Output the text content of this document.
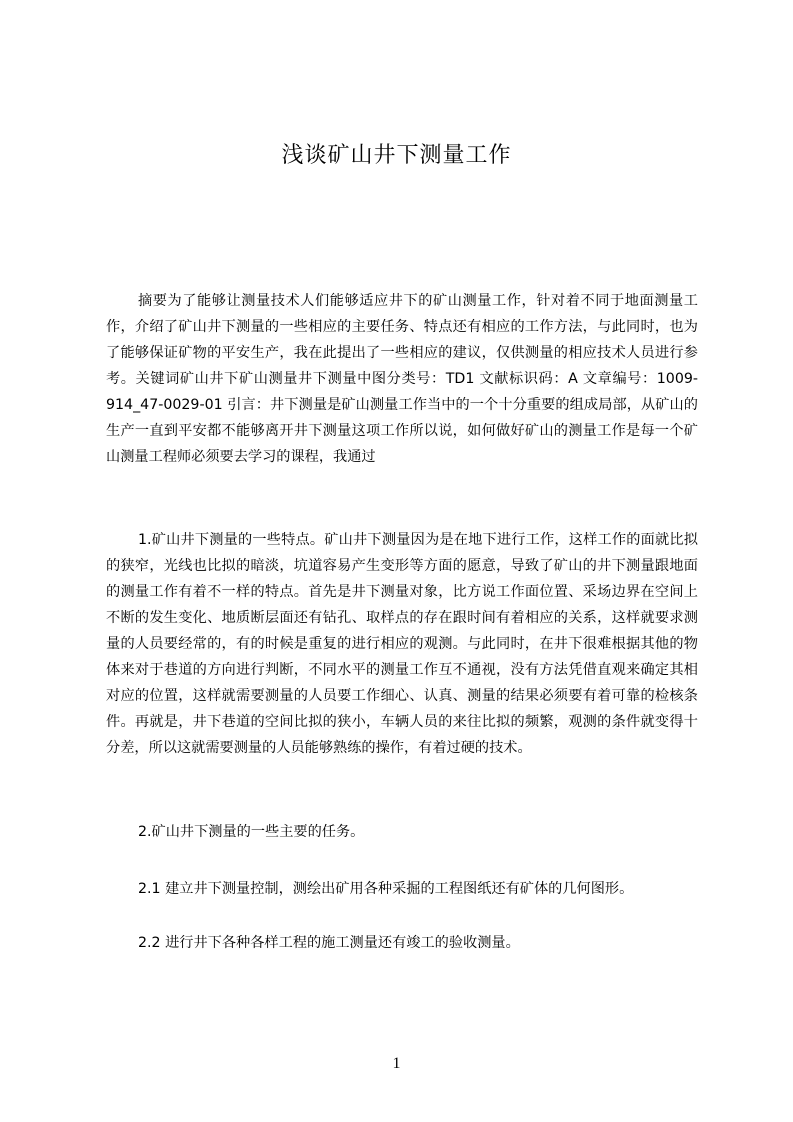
浅谈矿山井下测量工作

摘要为了能够让测量技术人们能够适应井下的矿山测量工作，针对着不同于地面测量工作，介绍了矿山井下测量的一些相应的主要任务、特点还有相应的工作方法，与此同时，也为了能够保证矿物的平安生产，我在此提出了一些相应的建议，仅供测量的相应技术人员进行参考。关键词矿山井下矿山测量井下测量中图分类号：TD1 文献标识码：A 文章编号：1009-914_47-0029-01 引言：井下测量是矿山测量工作当中的一个十分重要的组成局部，从矿山的生产一直到平安都不能够离开井下测量这项工作所以说，如何做好矿山的测量工作是每一个矿山测量工程师必须要去学习的课程，我通过

1.矿山井下测量的一些特点。矿山井下测量因为是在地下进行工作，这样工作的面就比拟的狭窄，光线也比拟的暗淡，坑道容易产生变形等方面的愿意，导致了矿山的井下测量跟地面的测量工作有着不一样的特点。首先是井下测量对象，比方说工作面位置、采场边界在空间上不断的发生变化、地质断层面还有钻孔、取样点的存在跟时间有着相应的关系，这样就要求测量的人员要经常的，有的时候是重复的进行相应的观测。与此同时，在井下很难根据其他的物体来对于巷道的方向进行判断，不同水平的测量工作互不通视，没有方法凭借直观来确定其相对应的位置，这样就需要测量的人员要工作细心、认真、测量的结果必须要有着可靠的检核条件。再就是，井下巷道的空间比拟的狭小，车辆人员的来往比拟的频繁，观测的条件就变得十分差，所以这就需要测量的人员能够熟练的操作，有着过硬的技术。

2.矿山井下测量的一些主要的任务。

2.1 建立井下测量控制，测绘出矿用各种采掘的工程图纸还有矿体的几何图形。

2.2 进行井下各种各样工程的施工测量还有竣工的验收测量。

1
